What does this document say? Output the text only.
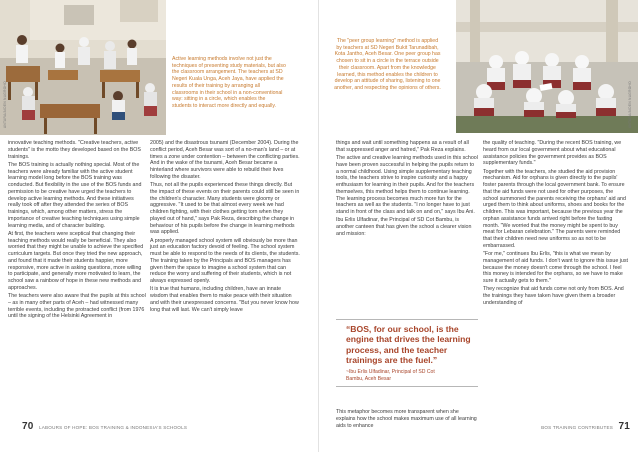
ANTARA/AIDEN NUGROHO
Active learning methods involve not just the techniques of presenting study materials, but also the classroom arrangement. The teachers at SD Negeri Kuala Unga, Aceh Jaya, have applied the results of their training by arranging all classrooms in their school in a non-conventional way: sitting in a circle, which enables the students to interact more directly and equally.

innovative teaching methods. "Creative teachers, active students" is the motto they developed based on the BOS trainings.

The BOS training is actually nothing special. Most of the teachers were already familiar with the active student learning model long before the BOS training was conducted. But flexibility in the use of the BOS funds and permission to be creative have urged the teachers to develop active learning methods. And these initiatives really took off after they attended the series of BOS trainings, which, among other matters, stress the importance of creative teaching techniques using simple learning media, and of character building.

At first, the teachers were sceptical that changing their teaching methods would really be beneficial. They also worried that they might be unable to achieve the specified curriculum targets. But once they tried the new approach, and found that it made their students happier, more responsive, more active in asking questions, more willing to participate, and generally more motivated to learn, the school saw a rainbow of hope in these new methods and approaches.

The teachers were also aware that the pupils at this school – as in many other parts of Aceh – had witnessed many terrible events, including the protracted conflict (from 1976 until the signing of the Helsinki Agreement in

2005) and the disastrous tsunami (December 2004). During the conflict period, Aceh Besar was sort of a no-man's land – or at times a zone under contention – between the conflicting parties. And in the wake of the tsunami, Aceh Besar became a hinterland where survivors were able to rebuild their lives following the disaster.

Thus, not all the pupils experienced these things directly. But the impact of these events on their parents could still be seen in the children's character. Many students were gloomy or aggressive. "It used to be that almost every week we had children fighting, with their clothes getting torn when they played out of hand," says Pak Reza, describing the change in behaviour of his pupils before the change in learning methods was applied.

A properly managed school system will obviously be more than just an education factory devoid of feeling. The school system must be able to respond to the needs of its clients, the students. The training taken by the Principals and BOS managers has given them the space to imagine a school system that can reduce the worry and suffering of their students, which is not always expressed openly.

It is true that humans, including children, have an innate wisdom that enables them to make peace with their situation and with their unexpressed concerns. "But you never know how long that will last. We can't simply leave

70 LABOURS OF HOPE: BOS TRAINING & INDONESIA'S SCHOOLS
The "peer group learning" method is applied by teachers at SD Negeri Bukit Tarunadibah, Kota Jantho, Aceh Besar. One peer group has chosen to sit in a circle in the terrace outside their classroom. Apart from the knowledge learned, this method enables the children to develop an attitude of sharing, listening to one another, and respecting the opinions of others.	ANTARA/AIDEN NUGROHO

things and wait until something happens as a result of all that suppressed anger and hatred," Pak Reza explains.

The active and creative learning methods used in this school have been proven successful in helping the pupils return to a normal childhood. Using simple supplementary teaching tools, the teachers strive to inspire curiosity and a happy enthusiasm for learning in their pupils. And for the teachers themselves, this method helps them to continue learning. The learning process becomes much more fun for the teachers as well as the students. "I no longer have to just stand in front of the class and talk on and on," says Ibu Ani.

Ibu Erlis Ulfadinar, the Principal of SD Cot Bambu, is another canteen that has given the school a clearer vision and mission:

“BOS, for our school, is the engine that drives the learning process, and the teacher trainings are the fuel.”
~Ibu Erlis Ulfadinar, Principal of SD Cot
Bambu, Aceh Besar

This metaphor becomes more transparent when she explains how the school makes maximum use of all learning aids to enhance

the quality of teaching. "During the recent BOS training, we heard from our local government about what educational assistance policies the government provides as BOS supplementary funds."

Together with the teachers, she studied the aid provision mechanism. Aid for orphans is given directly to the pupils' foster parents through the local government bank. To ensure that the aid funds were not used for other purposes, the school summoned the parents receiving the orphans' aid and urged them to think about uniforms, shoes and books for the children. This was important, because the previous year the orphan assistance funds arrived right before the fasting month. "We worried that the money might be spent to buy meat for Lebaran celebration." The parents were reminded that their children need new uniforms so as not to be embarrassed.

"For me," continues Ibu Erlis, "this is what we mean by management of aid funds. I don't want to ignore this issue just because the money doesn't come through the school. I feel this money is intended for the orphans, so we have to make sure it actually gets to them."

They recognize that aid funds come not only from BOS. And the trainings they have taken have given them a broader understanding of

BOS TRAINING CONTRIBUTES 71
